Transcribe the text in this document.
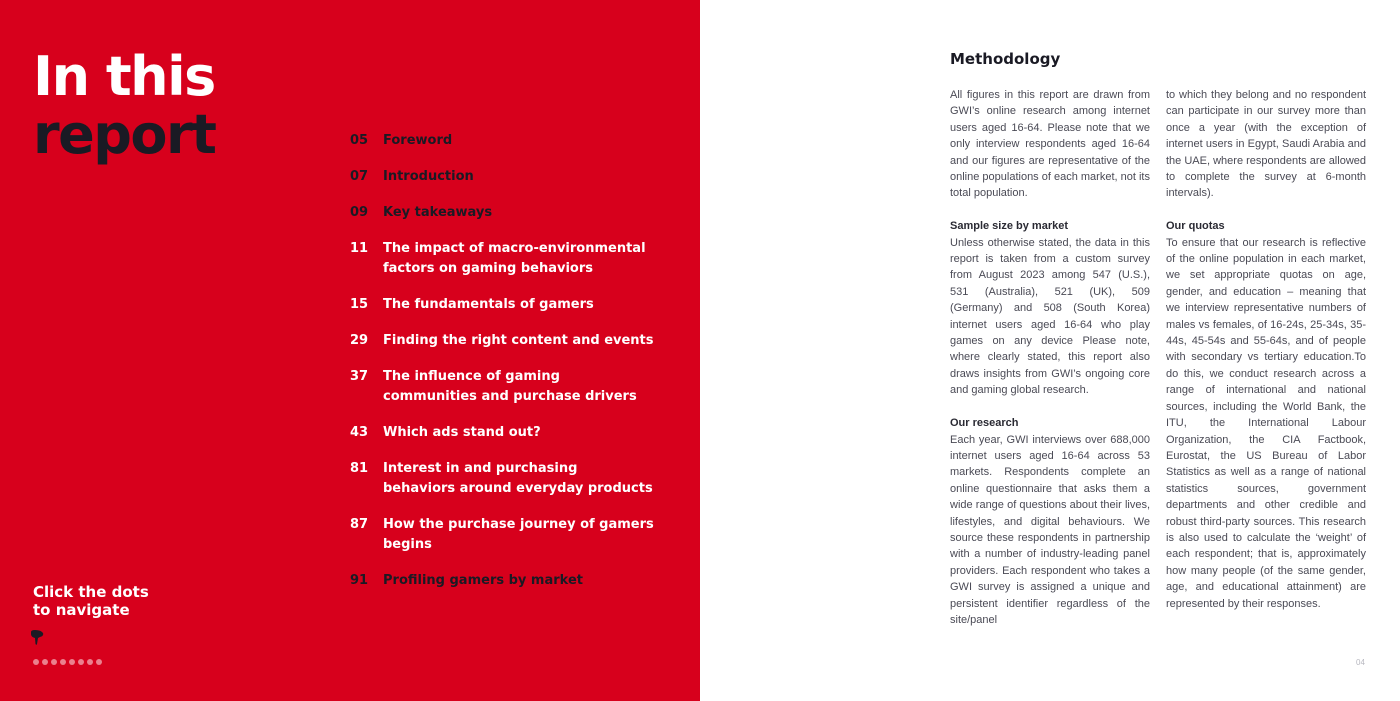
In this
report	05	Foreword
07	Introduction
09	Key takeaways
11	The impact of macro-environmental
factors on gaming behaviors
15	The fundamentals of gamers
29	Finding the right content and events
37	The influence of gaming
communities and purchase drivers
43	Which ads stand out?
81	Interest in and purchasing
behaviors around everyday products
87	How the purchase journey of gamers begins
91	Profiling gamers by market
Click the dots
to navigate
Methodology

All figures in this report are drawn from GWI’s online research among internet users aged 16-64. Please note that we only interview respondents aged 16-64 and our figures are representative of the online populations of each market, not its total population.

Sample size by market

Unless otherwise stated, the data in this report is taken from a custom survey from August 2023 among 547 (U.S.), 531 (Australia), 521 (UK), 509 (Germany) and 508 (South Korea) internet users aged 16-64 who play games on any device Please note, where clearly stated, this report also draws insights from GWI’s ongoing core and gaming global research.

Our research

Each year, GWI interviews over 688,000 internet users aged 16-64 across 53 markets. Respondents complete an online questionnaire that asks them a wide range of questions about their lives, lifestyles, and digital behaviours. We source these respondents in partnership with a number of industry-leading panel providers. Each respondent who takes a GWI survey is assigned a unique and persistent identifier regardless of the site/panel

to which they belong and no respondent can participate in our survey more than once a year (with the exception of internet users in Egypt, Saudi Arabia and the UAE, where respondents are allowed to complete the survey at 6-month intervals).

Our quotas

To ensure that our research is reflective of the online population in each market, we set appropriate quotas on age, gender, and education – meaning that we interview representative numbers of males vs females, of 16-24s, 25-34s, 35-44s, 45-54s and 55-64s, and of people with secondary vs tertiary education.To do this, we conduct research across a range of international and national sources, including the World Bank, the ITU, the International Labour Organization, the CIA Factbook, Eurostat, the US Bureau of Labor Statistics as well as a range of national statistics sources, government departments and other credible and robust third-party sources. This research is also used to calculate the ‘weight’ of each respondent; that is, approximately how many people (of the same gender, age, and educational attainment) are represented by their responses.

04
